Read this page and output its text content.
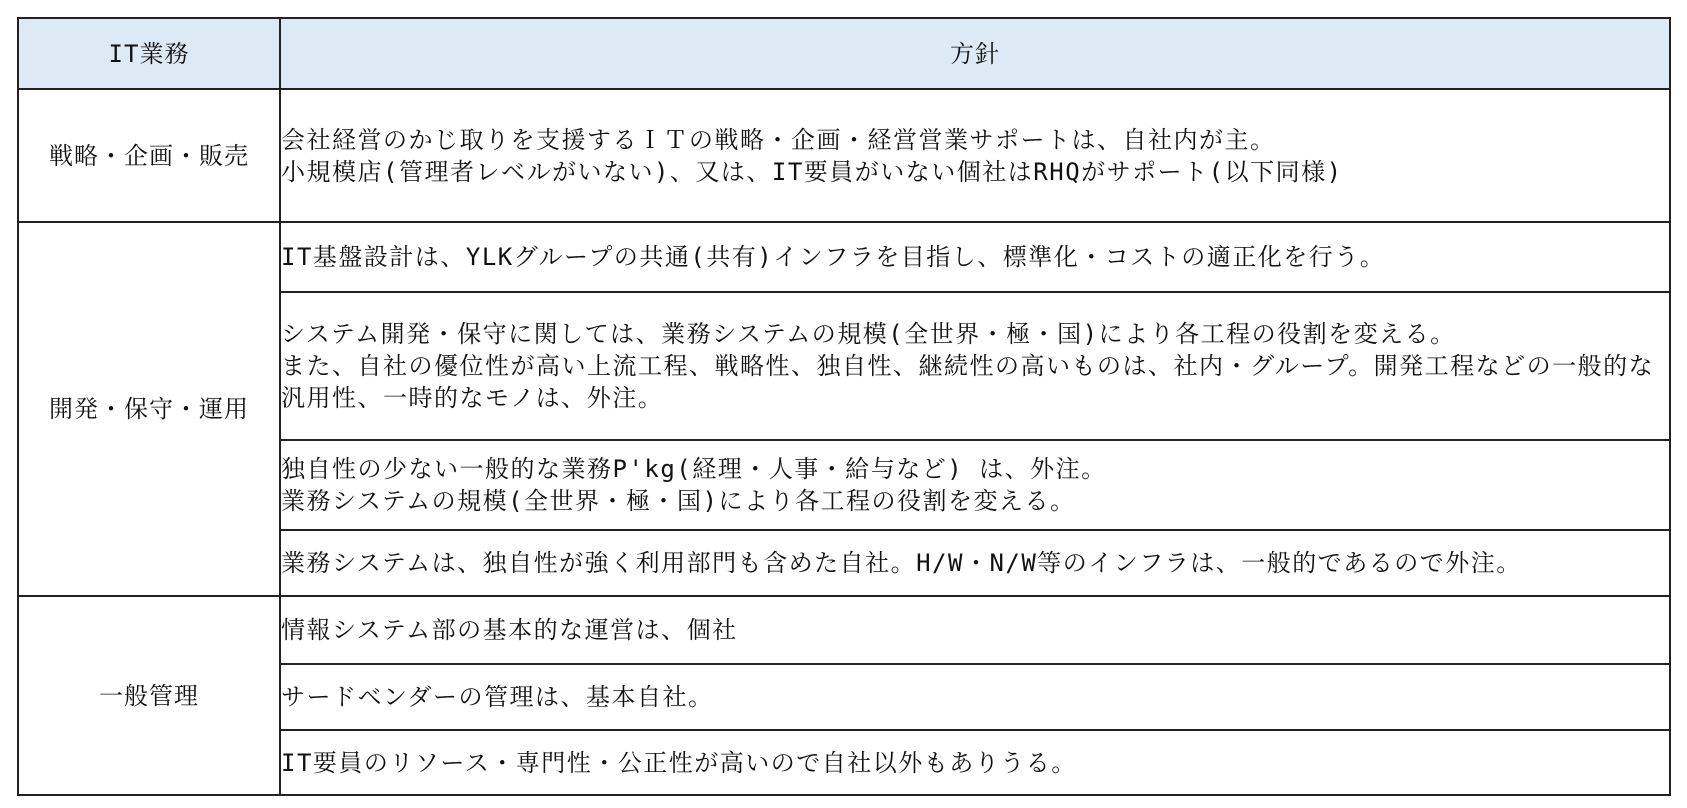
IT業務	方針
戦略・企画・販売	会社経営のかじ取りを支援するＩＴの戦略・企画・経営営業サポートは、自社内が主。
小規模店(管理者レベルがいない)、又は、IT要員がいない個社はRHQがサポート(以下同様)

開発・保守・運用	IT基盤設計は、YLKグループの共通(共有)インフラを目指し、標準化・コストの適正化を行う。

	システム開発・保守に関しては、業務システムの規模(全世界・極・国)により各工程の役割を変える。
また、自社の優位性が高い上流工程、戦略性、独自性、継続性の高いものは、社内・グループ。開発工程などの一般的な汎用性、一時的なモノは、外注。

	独自性の少ない一般的な業務P'kg(経理・人事・給与など) は、外注。
業務システムの規模(全世界・極・国)により各工程の役割を変える。

	業務システムは、独自性が強く利用部門も含めた自社。H/W・N/W等のインフラは、一般的であるので外注。

一般管理	情報システム部の基本的な運営は、個社

	サードベンダーの管理は、基本自社。

	IT要員のリソース・専門性・公正性が高いので自社以外もありうる。
